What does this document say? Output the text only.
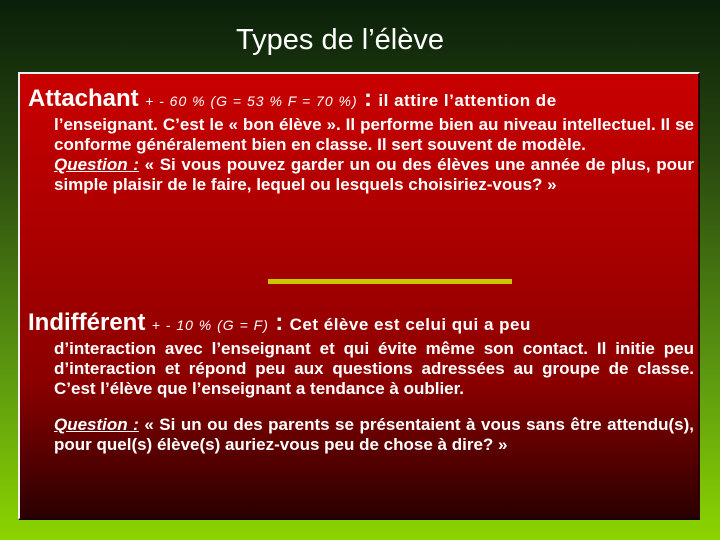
Types de l’élève
Attachant + - 60 % (G = 53 % F = 70 %) : il attire l’attention de
l’enseignant. C’est le « bon élève ». Il performe bien au niveau intellectuel. Il se conforme généralement bien en classe. Il sert souvent de modèle.
Question : « Si vous pouvez garder un ou des élèves une année de plus, pour simple plaisir de le faire, lequel ou lesquels choisiriez-vous? »
Indifférent + - 10 % (G = F) : Cet élève est celui qui a peu
d’interaction avec l’enseignant et qui évite même son contact. Il initie peu d’interaction et répond peu aux questions adressées au groupe de classe. C’est l’élève que l’enseignant a tendance à oublier.
Question : « Si un ou des parents se présentaient à vous sans être attendu(s), pour quel(s) élève(s) auriez-vous peu de chose à dire? »
